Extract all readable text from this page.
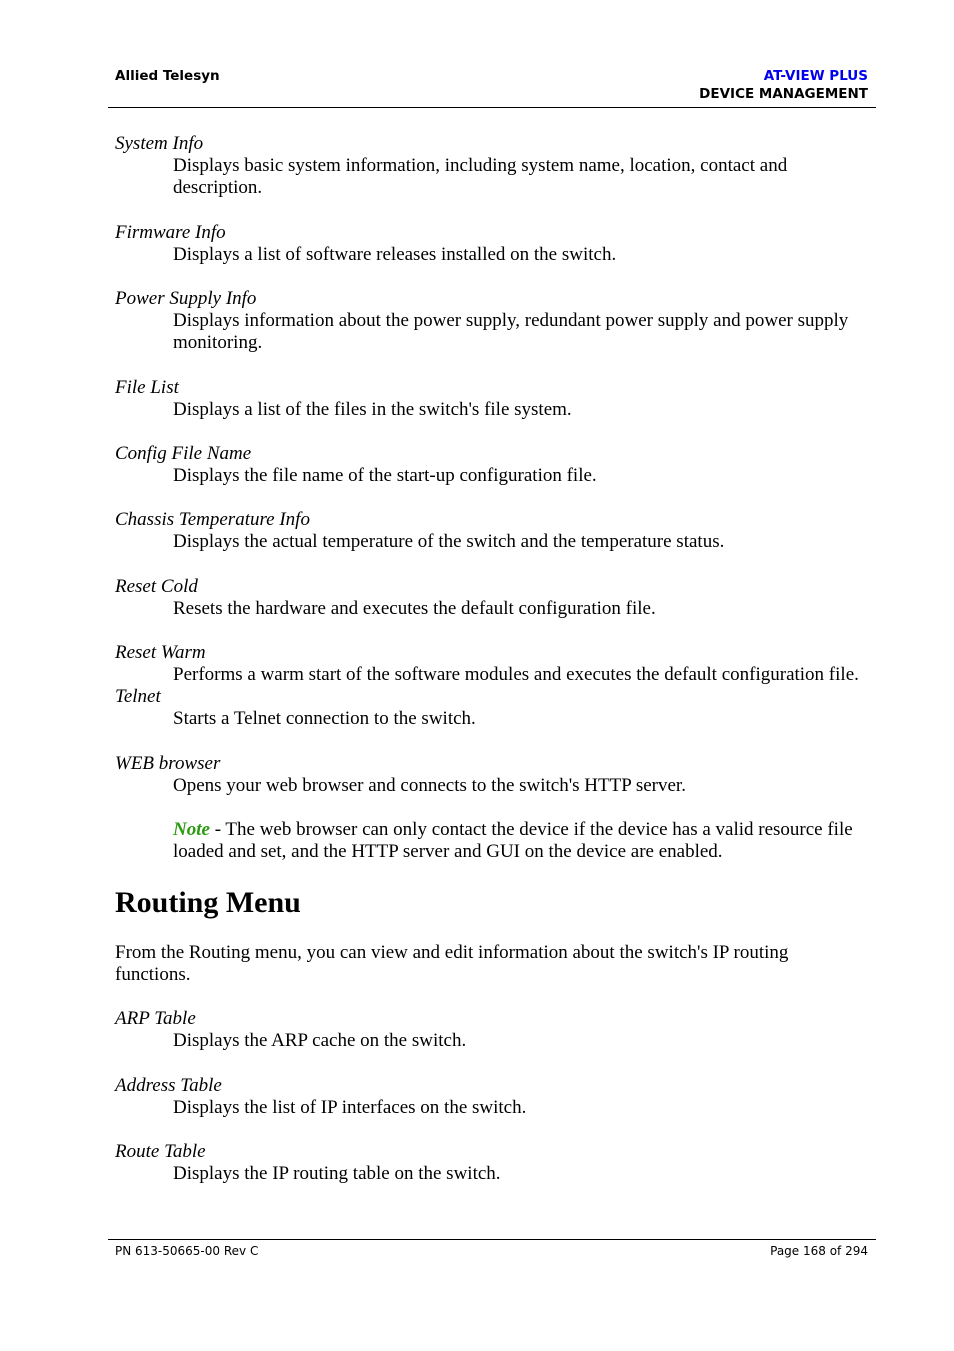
Allied Telesyn	AT-VIEW PLUS
DEVICE MANAGEMENT
System Info
Displays basic system information, including system name, location, contact and description.
Firmware Info
Displays a list of software releases installed on the switch.
Power Supply Info
Displays information about the power supply, redundant power supply and power supply monitoring.
File List
Displays a list of the files in the switch's file system.
Config File Name
Displays the file name of the start-up configuration file.
Chassis Temperature Info
Displays the actual temperature of the switch and the temperature status.
Reset Cold
Resets the hardware and executes the default configuration file.
Reset Warm
Performs a warm start of the software modules and executes the default configuration file.
Telnet
Starts a Telnet connection to the switch.
WEB browser
Opens your web browser and connects to the switch's HTTP server.
Note - The web browser can only contact the device if the device has a valid resource file loaded and set, and the HTTP server and GUI on the device are enabled.
Routing Menu
From the Routing menu, you can view and edit information about the switch's IP routing functions.
ARP Table
Displays the ARP cache on the switch.
Address Table
Displays the list of IP interfaces on the switch.
Route Table
Displays the IP routing table on the switch.
PN 613-50665-00 Rev C	Page 168 of 294
